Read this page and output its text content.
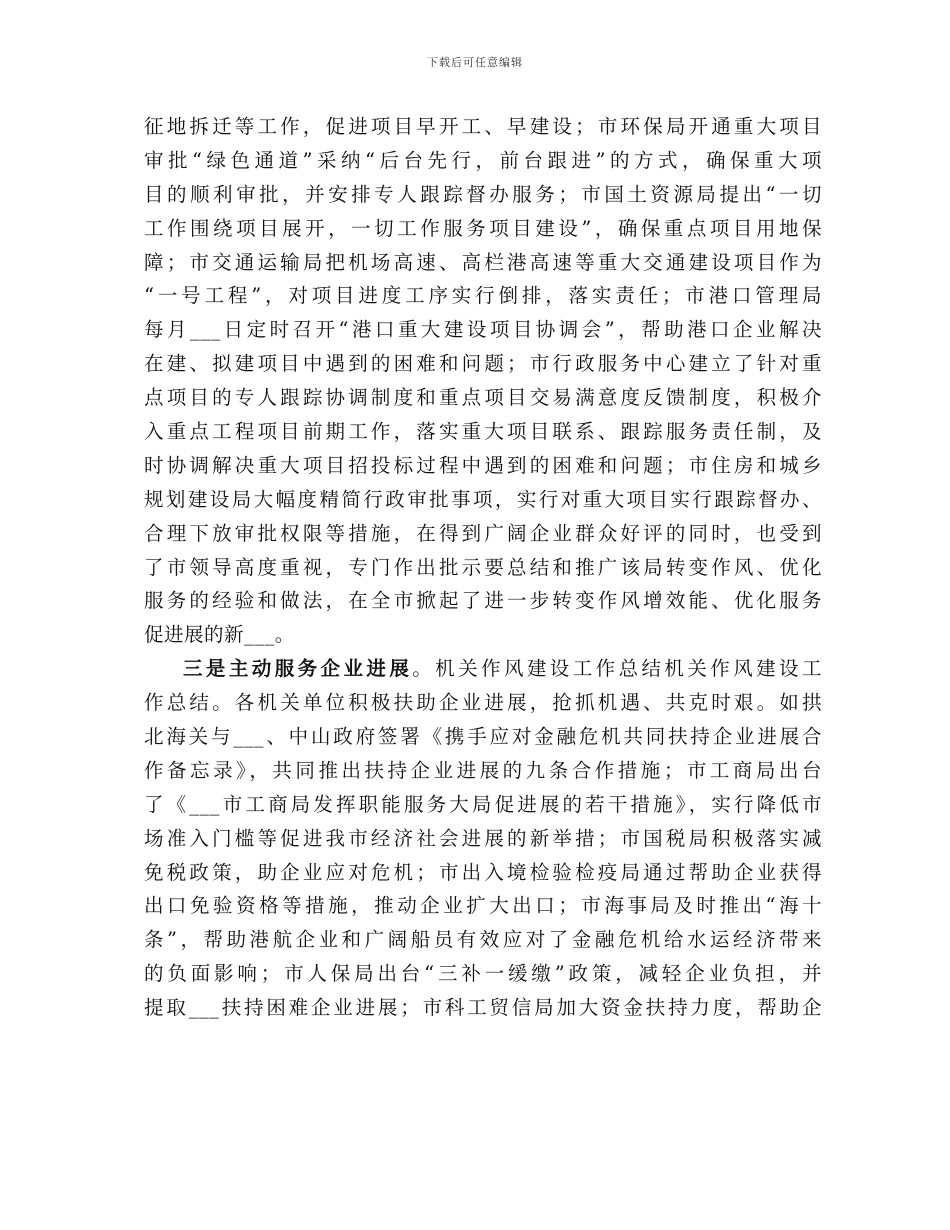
下载后可任意编辑
征地拆迁等工作，促进项目早开工、早建设；市环保局开通重大项目
审批“绿色通道”采纳“后台先行，前台跟进”的方式，确保重大项
目的顺利审批，并安排专人跟踪督办服务；市国土资源局提出“一切
工作围绕项目展开，一切工作服务项目建设”，确保重点项目用地保
障；市交通运输局把机场高速、高栏港高速等重大交通建设项目作为
“一号工程”，对项目进度工序实行倒排，落实责任；市港口管理局
每月___日定时召开“港口重大建设项目协调会”，帮助港口企业解决
在建、拟建项目中遇到的困难和问题；市行政服务中心建立了针对重
点项目的专人跟踪协调制度和重点项目交易满意度反馈制度，积极介
入重点工程项目前期工作，落实重大项目联系、跟踪服务责任制，及
时协调解决重大项目招投标过程中遇到的困难和问题；市住房和城乡
规划建设局大幅度精简行政审批事项，实行对重大项目实行跟踪督办、
合理下放审批权限等措施，在得到广阔企业群众好评的同时，也受到
了市领导高度重视，专门作出批示要总结和推广该局转变作风、优化
服务的经验和做法，在全市掀起了进一步转变作风增效能、优化服务
促进展的新___。
三是主动服务企业进展。机关作风建设工作总结机关作风建设工
作总结。各机关单位积极扶助企业进展，抢抓机遇、共克时艰。如拱
北海关与___、中山政府签署《携手应对金融危机共同扶持企业进展合
作备忘录》，共同推出扶持企业进展的九条合作措施；市工商局出台
了《___市工商局发挥职能服务大局促进展的若干措施》，实行降低市
场准入门槛等促进我市经济社会进展的新举措；市国税局积极落实减
免税政策，助企业应对危机；市出入境检验检疫局通过帮助企业获得
出口免验资格等措施，推动企业扩大出口；市海事局及时推出“海十
条”，帮助港航企业和广阔船员有效应对了金融危机给水运经济带来
的负面影响；市人保局出台“三补一缓缴”政策，减轻企业负担，并
提取___扶持困难企业进展；市科工贸信局加大资金扶持力度，帮助企
